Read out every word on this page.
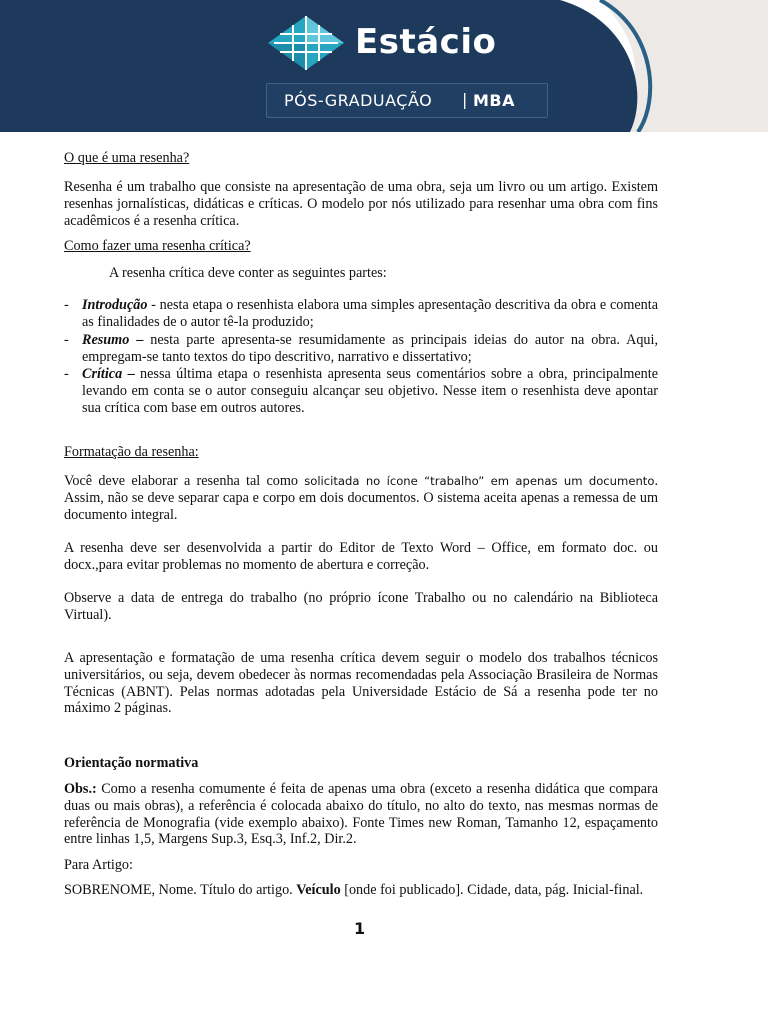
Estácio
PÓS-GRADUAÇÃO | MBA

O que é uma resenha?

Resenha é um trabalho que consiste na apresentação de uma obra, seja um livro ou um artigo. Existem resenhas jornalísticas, didáticas e críticas. O modelo por nós utilizado para resenhar uma obra com fins acadêmicos é a resenha crítica.

Como fazer uma resenha crítica?

A resenha crítica deve conter as seguintes partes:

- Introdução - nesta etapa o resenhista elabora uma simples apresentação descritiva da obra e comenta as finalidades de o autor tê-la produzido;
- Resumo – nesta parte apresenta-se resumidamente as principais ideias do autor na obra. Aqui, empregam-se tanto textos do tipo descritivo, narrativo e dissertativo;
- Crítica – nessa última etapa o resenhista apresenta seus comentários sobre a obra, principalmente levando em conta se o autor conseguiu alcançar seu objetivo. Nesse item o resenhista deve apontar sua crítica com base em outros autores.

Formatação da resenha:

Você deve elaborar a resenha tal como solicitada no ícone “trabalho” em apenas um documento. Assim, não se deve separar capa e corpo em dois documentos. O sistema aceita apenas a remessa de um documento integral.

A resenha deve ser desenvolvida a partir do Editor de Texto Word – Office, em formato doc. ou docx.,para evitar problemas no momento de abertura e correção.

Observe a data de entrega do trabalho (no próprio ícone Trabalho ou no calendário na Biblioteca Virtual).

A apresentação e formatação de uma resenha crítica devem seguir o modelo dos trabalhos técnicos universitários, ou seja, devem obedecer às normas recomendadas pela Associação Brasileira de Normas Técnicas (ABNT). Pelas normas adotadas pela Universidade Estácio de Sá a resenha pode ter no máximo 2 páginas.

Orientação normativa

Obs.: Como a resenha comumente é feita de apenas uma obra (exceto a resenha didática que compara duas ou mais obras), a referência é colocada abaixo do título, no alto do texto, nas mesmas normas de referência de Monografia (vide exemplo abaixo). Fonte Times new Roman, Tamanho 12, espaçamento entre linhas 1,5, Margens Sup.3, Esq.3, Inf.2, Dir.2.

Para Artigo:

SOBRENOME, Nome. Título do artigo. Veículo [onde foi publicado]. Cidade, data, pág. Inicial-final.

1
